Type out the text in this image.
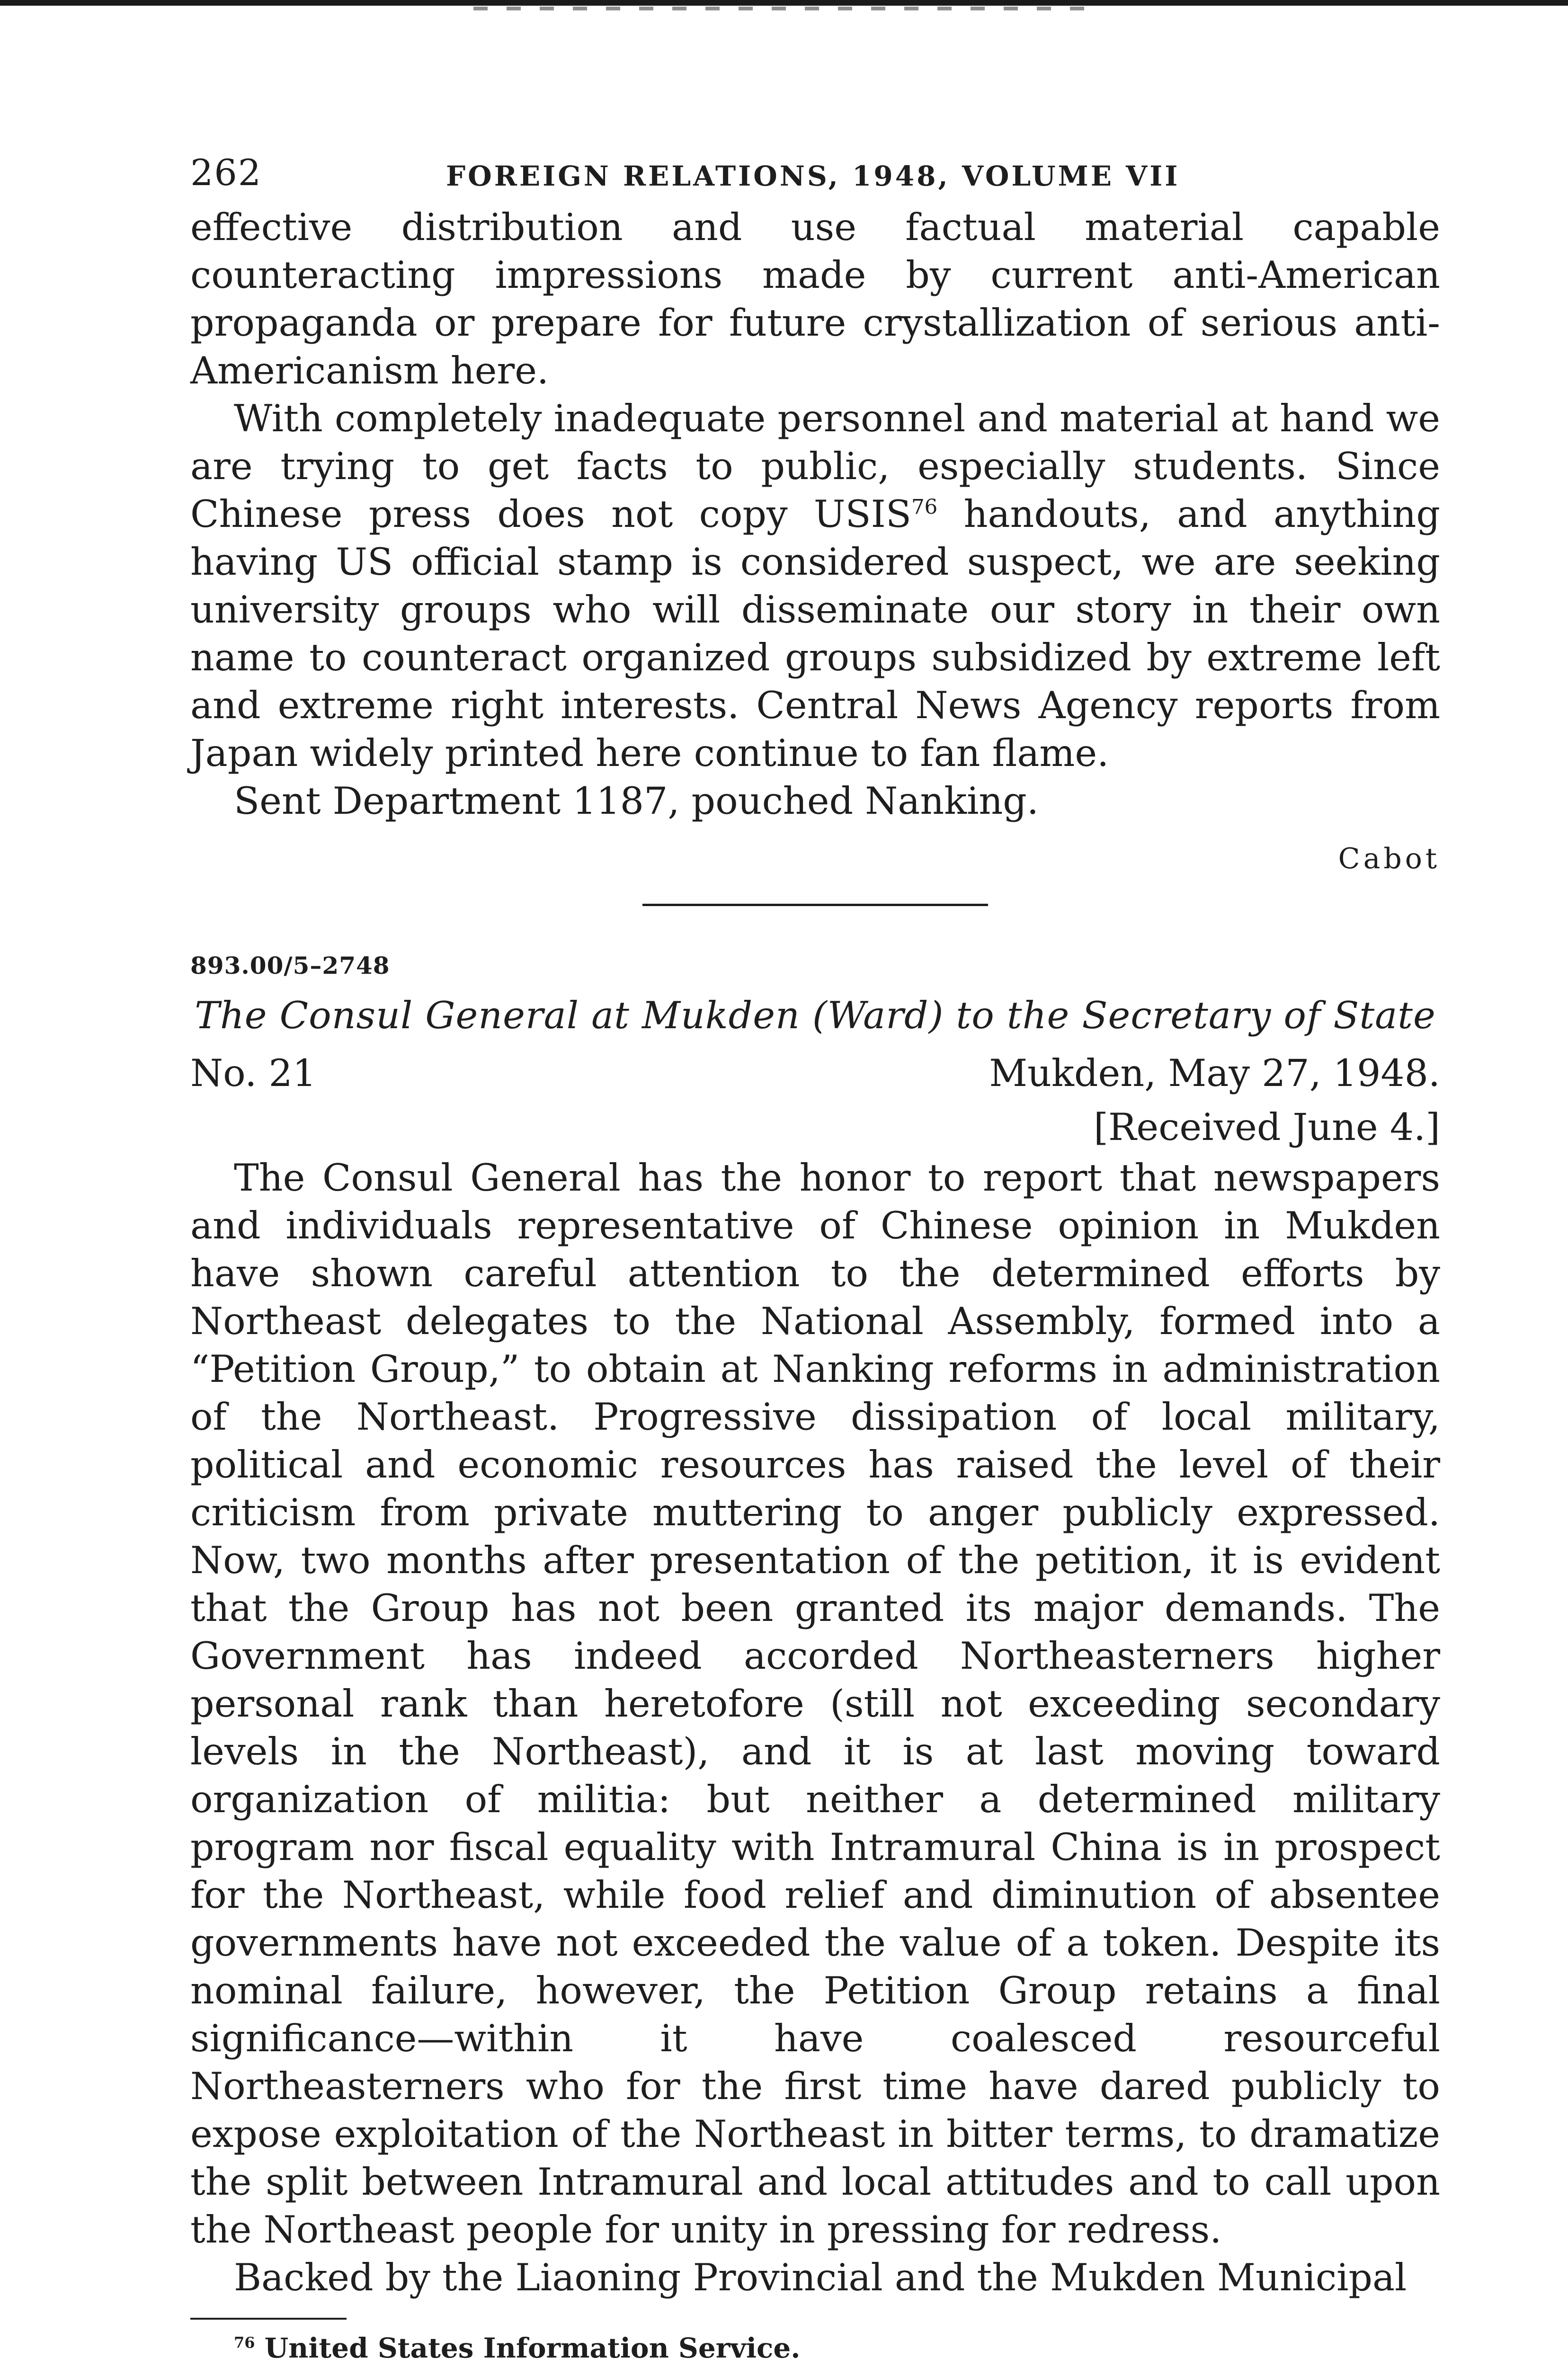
262	FOREIGN RELATIONS, 1948, VOLUME VII

effective distribution and use factual material capable counteracting impressions made by current anti-American propaganda or prepare for future crystallization of serious anti-Americanism here.

With completely inadequate personnel and material at hand we are trying to get facts to public, especially students. Since Chinese press does not copy USIS$^{76}$ handouts, and anything having US official stamp is considered suspect, we are seeking university groups who will disseminate our story in their own name to counteract organized groups subsidized by extreme left and extreme right interests. Central News Agency reports from Japan widely printed here continue to fan flame.

Sent Department 1187, pouched Nanking.

Cabot
893.00/5–2748
The Consul General at Mukden (Ward) to the Secretary of State
No. 21	Mukden, May 27, 1948.
[Received June 4.]

The Consul General has the honor to report that newspapers and individuals representative of Chinese opinion in Mukden have shown careful attention to the determined efforts by Northeast delegates to the National Assembly, formed into a “Petition Group,” to obtain at Nanking reforms in administration of the Northeast. Progressive dissipation of local military, political and economic resources has raised the level of their criticism from private muttering to anger publicly expressed. Now, two months after presentation of the petition, it is evident that the Group has not been granted its major demands. The Government has indeed accorded Northeasterners higher personal rank than heretofore (still not exceeding secondary levels in the Northeast), and it is at last moving toward organization of militia: but neither a determined military program nor fiscal equality with Intramural China is in prospect for the Northeast, while food relief and diminution of absentee governments have not exceeded the value of a token. Despite its nominal failure, however, the Petition Group retains a final significance—within it have coalesced resourceful Northeasterners who for the first time have dared publicly to expose exploitation of the Northeast in bitter terms, to dramatize the split between Intramural and local attitudes and to call upon the Northeast people for unity in pressing for redress.

Backed by the Liaoning Provincial and the Mukden Municipal

$^{76}$ United States Information Service.
